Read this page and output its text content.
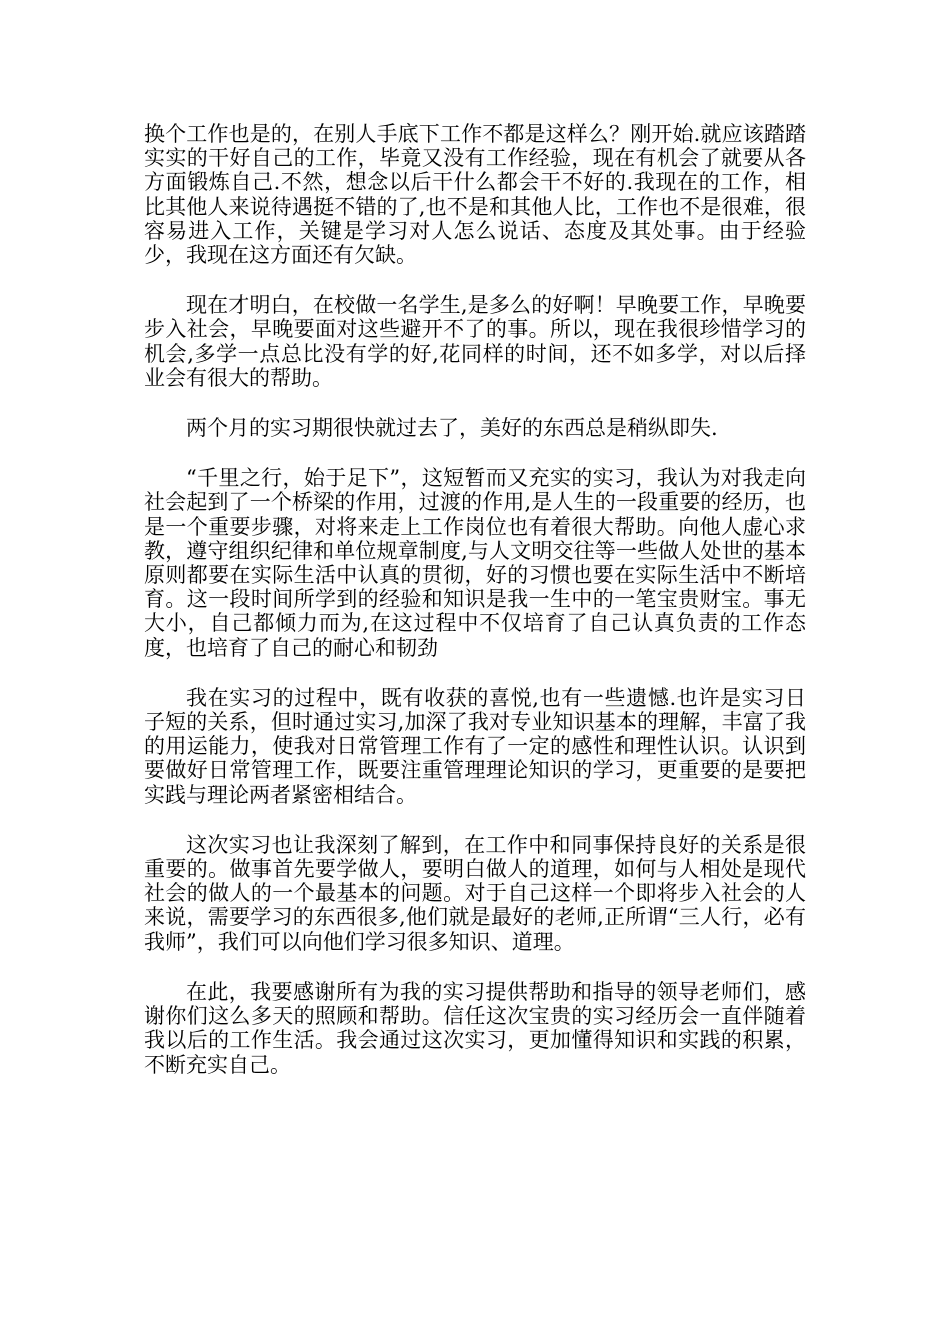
换个工作也是的，在别人手底下工作不都是这样么？刚开始.就应该踏踏实实的干好自己的工作，毕竟又没有工作经验，现在有机会了就要从各方面锻炼自己.不然，想念以后干什么都会干不好的.我现在的工作，相比其他人来说待遇挺不错的了,也不是和其他人比，工作也不是很难，很容易进入工作，关键是学习对人怎么说话、态度及其处事。由于经验少，我现在这方面还有欠缺。

现在才明白，在校做一名学生,是多么的好啊！早晚要工作，早晚要步入社会，早晚要面对这些避开不了的事。所以，现在我很珍惜学习的机会,多学一点总比没有学的好,花同样的时间，还不如多学，对以后择业会有很大的帮助。

两个月的实习期很快就过去了，美好的东西总是稍纵即失.

“千里之行，始于足下”，这短暂而又充实的实习，我认为对我走向社会起到了一个桥梁的作用，过渡的作用,是人生的一段重要的经历，也是一个重要步骤，对将来走上工作岗位也有着很大帮助。向他人虚心求教，遵守组织纪律和单位规章制度,与人文明交往等一些做人处世的基本原则都要在实际生活中认真的贯彻，好的习惯也要在实际生活中不断培育。这一段时间所学到的经验和知识是我一生中的一笔宝贵财宝。事无大小，自己都倾力而为,在这过程中不仅培育了自己认真负责的工作态度，也培育了自己的耐心和韧劲

我在实习的过程中，既有收获的喜悦,也有一些遗憾.也许是实习日子短的关系，但时通过实习,加深了我对专业知识基本的理解，丰富了我的用运能力，使我对日常管理工作有了一定的感性和理性认识。认识到要做好日常管理工作，既要注重管理理论知识的学习，更重要的是要把实践与理论两者紧密相结合。

这次实习也让我深刻了解到，在工作中和同事保持良好的关系是很重要的。做事首先要学做人，要明白做人的道理，如何与人相处是现代社会的做人的一个最基本的问题。对于自己这样一个即将步入社会的人来说，需要学习的东西很多,他们就是最好的老师,正所谓“三人行，必有我师”，我们可以向他们学习很多知识、道理。

在此，我要感谢所有为我的实习提供帮助和指导的领导老师们，感谢你们这么多天的照顾和帮助。信任这次宝贵的实习经历会一直伴随着我以后的工作生活。我会通过这次实习，更加懂得知识和实践的积累，不断充实自己。
